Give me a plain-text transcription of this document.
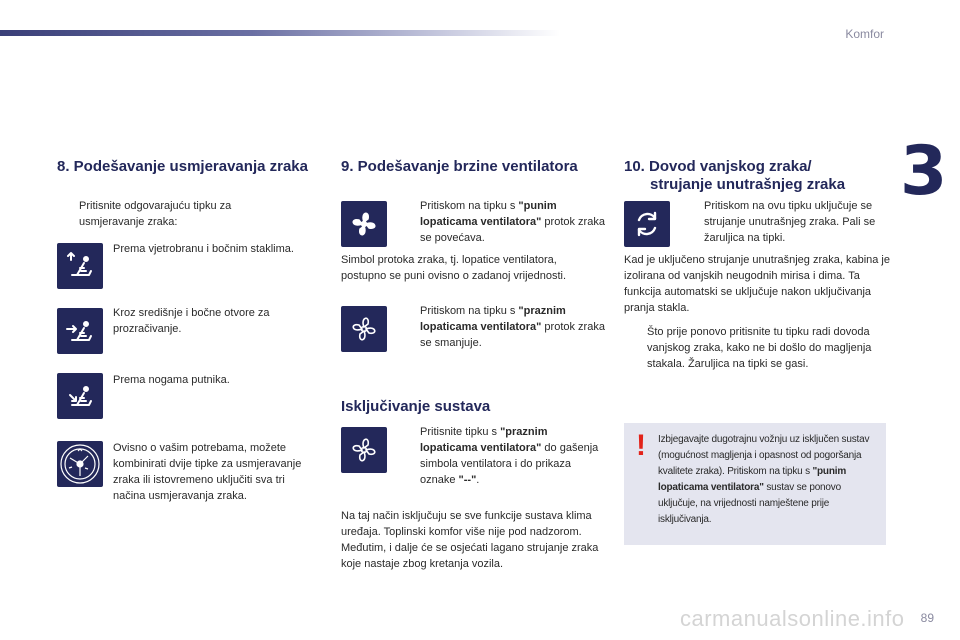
Komfor
3
8. Podešavanje usmjeravanja zraka
Pritisnite odgovarajuću tipku za usmjeravanje zraka:
Prema vjetrobranu i bočnim staklima.
Kroz središnje i bočne otvore za prozračivanje.
Prema nogama putnika.
Ovisno o vašim potrebama, možete kombinirati dvije tipke za usmjeravanje zraka ili istovremeno uključiti sva tri načina usmjeravanja zraka.
9. Podešavanje brzine ventilatora
Pritiskom na tipku s "punim lopaticama ventilatora" protok zraka se povećava.
Simbol protoka zraka, tj. lopatice ventilatora, postupno se puni ovisno o zadanoj vrijednosti.
Pritiskom na tipku s "praznim lopaticama ventilatora" protok zraka se smanjuje.
Isključivanje sustava
Pritisnite tipku s "praznim lopaticama ventilatora" do gašenja simbola ventilatora i do prikaza oznake "--".
Na taj način isključuju se sve funkcije sustava klima uređaja. Toplinski komfor više nije pod nadzorom. Međutim, i dalje će se osjećati lagano strujanje zraka koje nastaje zbog kretanja vozila.
10. Dovod vanjskog zraka/
strujanje unutrašnjeg zraka
Pritiskom na ovu tipku uključuje se strujanje unutrašnjeg zraka. Pali se žaruljica na tipki.
Kad je uključeno strujanje unutrašnjeg zraka, kabina je izolirana od vanjskih neugodnih mirisa i dima. Ta funkcija automatski se uključuje nakon uključivanja pranja stakla.
Što prije ponovo pritisnite tu tipku radi dovoda vanjskog zraka, kako ne bi došlo do magljenja stakala. Žaruljica na tipki se gasi.
! Izbjegavajte dugotrajnu vožnju uz isključen sustav (mogućnost magljenja i opasnost od pogoršanja kvalitete zraka). Pritiskom na tipku s "punim lopaticama ventilatora" sustav se ponovo uključuje, na vrijednosti namještene prije isključivanja.
carmanualsonline.info 89
